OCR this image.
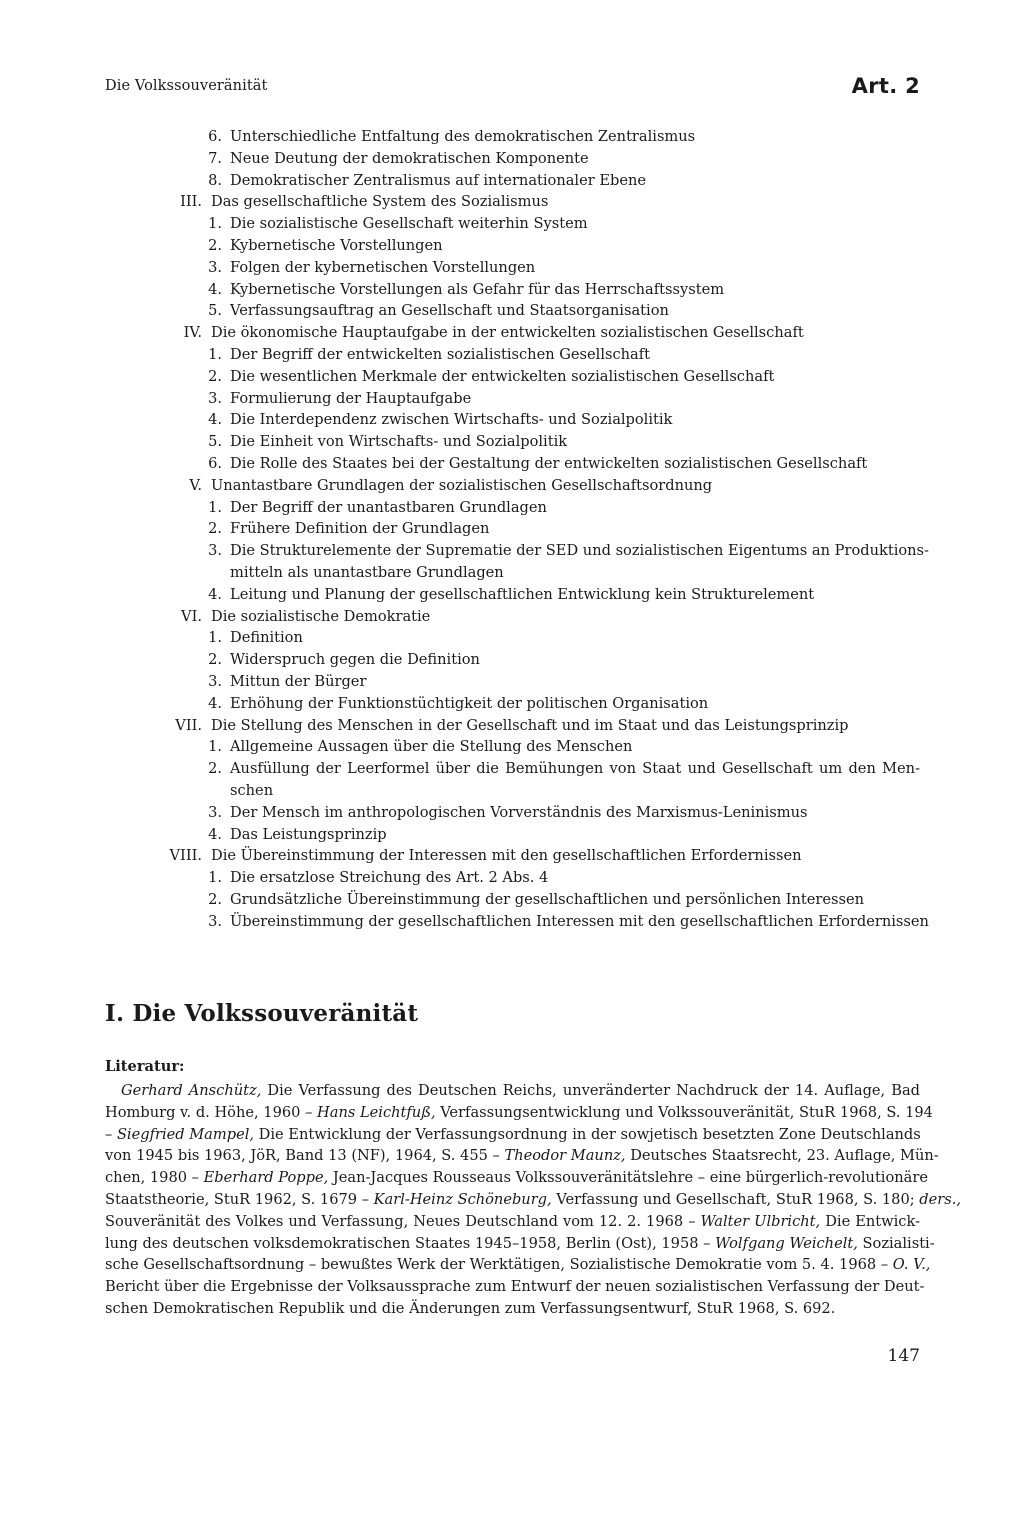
Die Volkssouveränität	Art. 2
6. Unterschiedliche Entfaltung des demokratischen Zentralismus
7. Neue Deutung der demokratischen Komponente
8. Demokratischer Zentralismus auf internationaler Ebene
III. Das gesellschaftliche System des Sozialismus
1. Die sozialistische Gesellschaft weiterhin System
2. Kybernetische Vorstellungen
3. Folgen der kybernetischen Vorstellungen
4. Kybernetische Vorstellungen als Gefahr für das Herrschaftssystem
5. Verfassungsauftrag an Gesellschaft und Staatsorganisation
IV. Die ökonomische Hauptaufgabe in der entwickelten sozialistischen Gesellschaft
1. Der Begriff der entwickelten sozialistischen Gesellschaft
2. Die wesentlichen Merkmale der entwickelten sozialistischen Gesellschaft
3. Formulierung der Hauptaufgabe
4. Die Interdependenz zwischen Wirtschafts- und Sozialpolitik
5. Die Einheit von Wirtschafts- und Sozialpolitik
6. Die Rolle des Staates bei der Gestaltung der entwickelten sozialistischen Gesellschaft
V. Unantastbare Grundlagen der sozialistischen Gesellschaftsordnung
1. Der Begriff der unantastbaren Grundlagen
2. Frühere Definition der Grundlagen
3. Die Strukturelemente der Suprematie der SED und sozialistischen Eigentums an Produktions-
mitteln als unantastbare Grundlagen
4. Leitung und Planung der gesellschaftlichen Entwicklung kein Strukturelement
VI. Die sozialistische Demokratie
1. Definition
2. Widerspruch gegen die Definition
3. Mittun der Bürger
4. Erhöhung der Funktionstüchtigkeit der politischen Organisation
VII. Die Stellung des Menschen in der Gesellschaft und im Staat und das Leistungsprinzip
1. Allgemeine Aussagen über die Stellung des Menschen
2. Ausfüllung der Leerformel über die Bemühungen von Staat und Gesellschaft um den Men-
schen
3. Der Mensch im anthropologischen Vorverständnis des Marxismus-Leninismus
4. Das Leistungsprinzip
VIII. Die Übereinstimmung der Interessen mit den gesellschaftlichen Erfordernissen
1. Die ersatzlose Streichung des Art. 2 Abs. 4
2. Grundsätzliche Übereinstimmung der gesellschaftlichen und persönlichen Interessen
3. Übereinstimmung der gesellschaftlichen Interessen mit den gesellschaftlichen Erfordernissen
I. Die Volkssouveränität
Literatur:
Gerhard Anschütz, Die Verfassung des Deutschen Reichs, unveränderter Nachdruck der 14. Auflage, Bad
Homburg v. d. Höhe, 1960 – Hans Leichtfuß, Verfassungsentwicklung und Volkssouveränität, StuR 1968, S. 194
– Siegfried Mampel, Die Entwicklung der Verfassungsordnung in der sowjetisch besetzten Zone Deutschlands
von 1945 bis 1963, JöR, Band 13 (NF), 1964, S. 455 – Theodor Maunz, Deutsches Staatsrecht, 23. Auflage, Mün-
chen, 1980 – Eberhard Poppe, Jean-Jacques Rousseaus Volkssouveränitätslehre – eine bürgerlich-revolutionäre
Staatstheorie, StuR 1962, S. 1679 – Karl-Heinz Schöneburg, Verfassung und Gesellschaft, StuR 1968, S. 180; ders.,
Souveränität des Volkes und Verfassung, Neues Deutschland vom 12. 2. 1968 – Walter Ulbricht, Die Entwick-
lung des deutschen volksdemokratischen Staates 1945–1958, Berlin (Ost), 1958 – Wolfgang Weichelt, Sozialisti-
sche Gesellschaftsordnung – bewußtes Werk der Werktätigen, Sozialistische Demokratie vom 5. 4. 1968 – O. V.,
Bericht über die Ergebnisse der Volksaussprache zum Entwurf der neuen sozialistischen Verfassung der Deut-
schen Demokratischen Republik und die Änderungen zum Verfassungsentwurf, StuR 1968, S. 692.
147
